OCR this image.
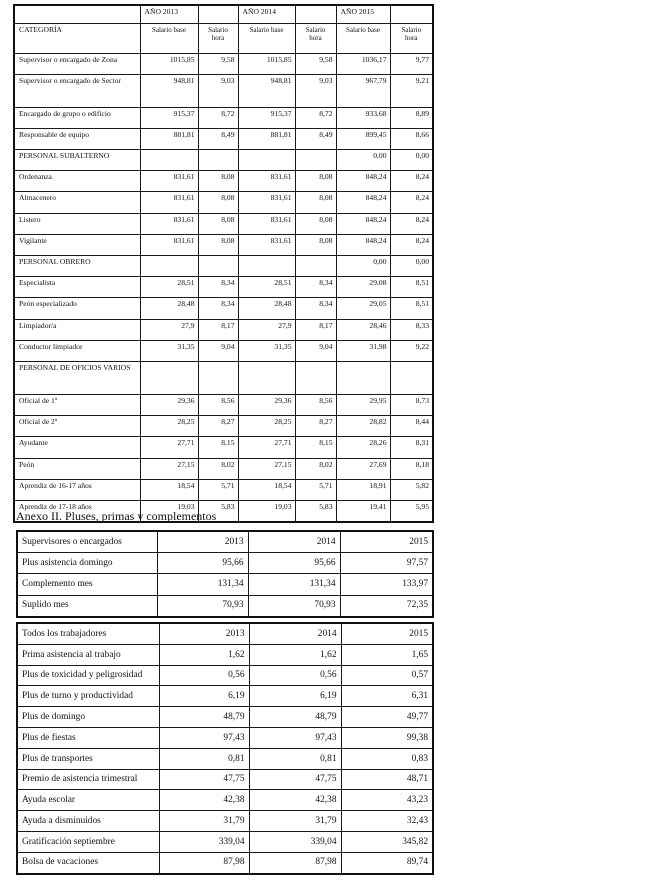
	AÑO 2013		AÑO 2014		AÑO 2015	
CATEGORÍA	Salario base	Salario hora	Salario base	Salario hora	Salario base	Salario hora
Supervisor o encargado de Zona	1015,85	9,58	1015,85	9,58	1036,17	9,77
Supervisor o encargado de Sector	948,81	9,03	948,81	9,03	967,79	9,21
Encargado de grupo o edificio	915,37	8,72	915,37	8,72	933,68	8,89
Responsable de equipo	881,81	8,49	881,81	8,49	899,45	8,66
PERSONAL SUBALTERNO					0,00	0,00
Ordenanza	831,61	8,08	831,61	8,08	848,24	8,24
Almacenero	831,61	8,08	831,61	8,08	848,24	8,24
Listero	831,61	8,08	831,61	8,08	848,24	8,24
Vigilante	831,61	8,08	831,61	8,08	848,24	8,24
PERSONAL OBRERO					0,00	0,00
Especialista	28,51	8,34	28,51	8,34	29,08	8,51
Peón especializado	28,48	8,34	28,48	8,34	29,05	8,51
Limpiador/a	27,9	8,17	27,9	8,17	28,46	8,33
Conductor limpiador	31,35	9,04	31,35	9,04	31,98	9,22
PERSONAL DE OFICIOS VARIOS						
Oficial de 1ª	29,36	8,56	29,36	8,56	29,95	8,73
Oficial de 2ª	28,25	8,27	28,25	8,27	28,82	8,44
Ayudante	27,71	8,15	27,71	8,15	28,26	8,31
Peón	27,15	8,02	27,15	8,02	27,69	8,18
Aprendiz de 16-17 años	18,54	5,71	18,54	5,71	18,91	5,82
Aprendiz de 17-18 años	19,03	5,83	19,03	5,83	19,41	5,95
Anexo II. Pluses, primas y complementos
Supervisores o encargados	2013	2014	2015
Plus asistencia domingo	95,66	95,66	97,57
Complemento mes	131,34	131,34	133,97
Suplido mes	70,93	70,93	72,35
Todos los trabajadores	2013	2014	2015
Prima asistencia al trabajo	1,62	1,62	1,65
Plus de toxicidad y peligrosidad	0,56	0,56	0,57
Plus de turno y productividad	6,19	6,19	6,31
Plus de domingo	48,79	48,79	49,77
Plus de fiestas	97,43	97,43	99,38
Plus de transportes	0,81	0,81	0,83
Premio de asistencia trimestral	47,75	47,75	48,71
Ayuda escolar	42,38	42,38	43,23
Ayuda a disminuidos	31,79	31,79	32,43
Gratificación septiembre	339,04	339,04	345,82
Bolsa de vacaciones	87,98	87,98	89,74
